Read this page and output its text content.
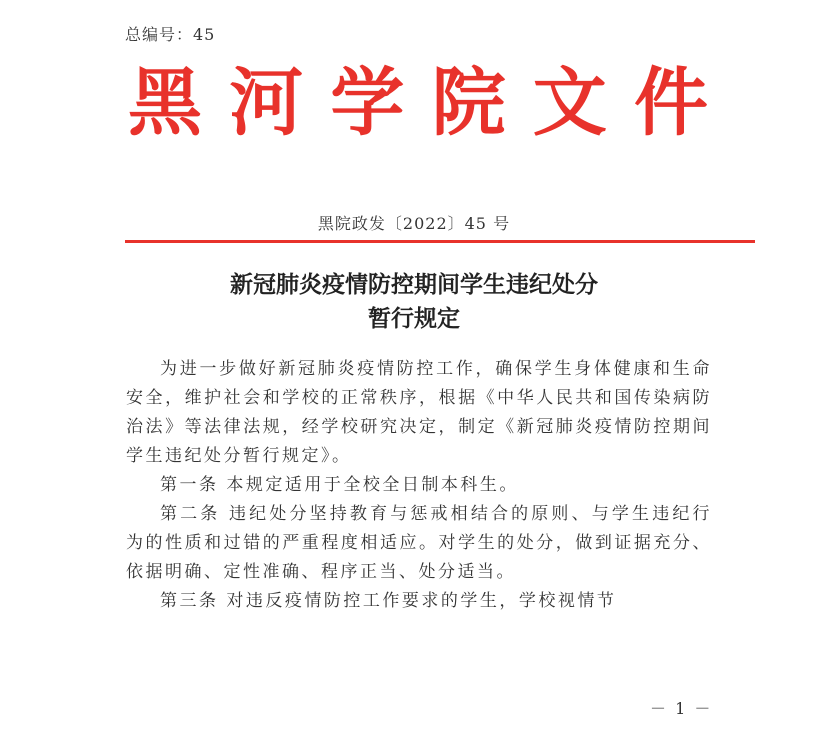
总编号：45
黑 河 学 院 文 件
黑院政发〔2022〕45 号
新冠肺炎疫情防控期间学生违纪处分
暂行规定

为进一步做好新冠肺炎疫情防控工作，确保学生身体健康和生命安全，维护社会和学校的正常秩序，根据《中华人民共和国传染病防治法》等法律法规，经学校研究决定，制定《新冠肺炎疫情防控期间学生违纪处分暂行规定》。

第一条 本规定适用于全校全日制本科生。

第二条 违纪处分坚持教育与惩戒相结合的原则、与学生违纪行为的性质和过错的严重程度相适应。对学生的处分，做到证据充分、依据明确、定性准确、程序正当、处分适当。

第三条 对违反疫情防控工作要求的学生，学校视情节

－ 1 －
